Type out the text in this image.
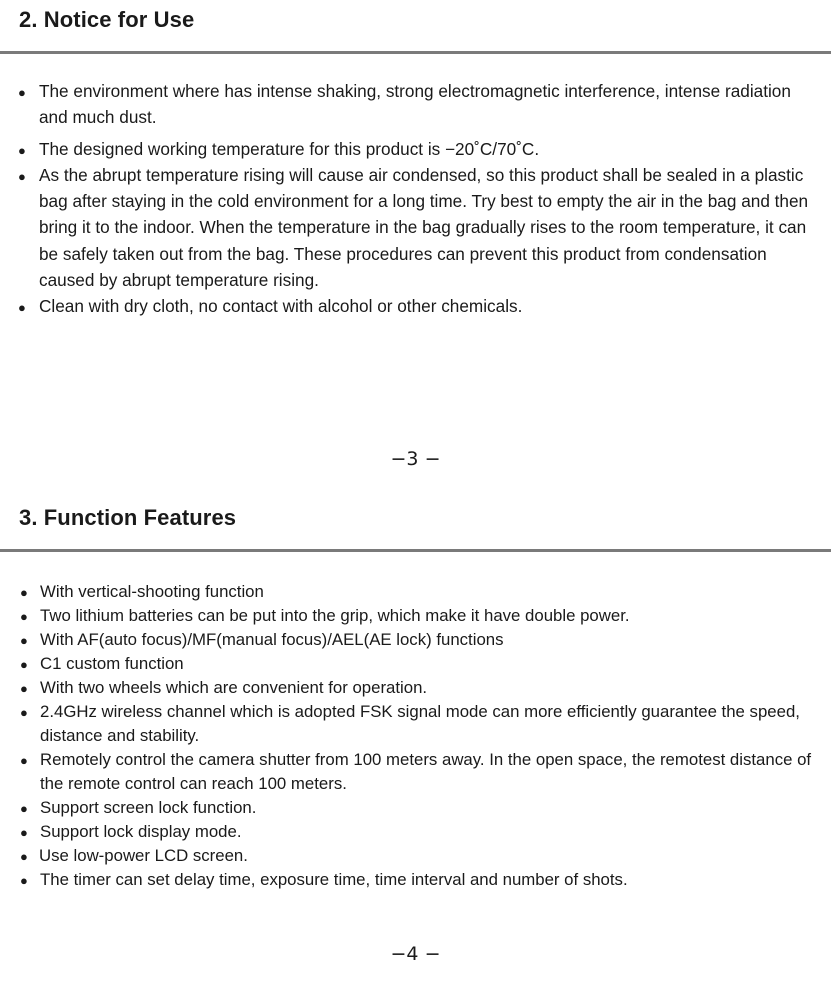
2. Notice for Use
● The environment where has intense shaking, strong electromagnetic interference, intense radiation and much dust.
● The designed working temperature for this product is −20˚C/70˚C.
● As the abrupt temperature rising will cause air condensed, so this product shall be sealed in a plastic bag after staying in the cold environment for a long time. Try best to empty the air in the bag and then bring it to the indoor. When the temperature in the bag gradually rises to the room temperature, it can be safely taken out from the bag. These procedures can prevent this product from condensation caused by abrupt temperature rising.
● Clean with dry cloth, no contact with alcohol or other chemicals.
−3 −
3. Function Features
● With vertical-shooting function
● Two lithium batteries can be put into the grip, which make it have double power.
● With AF(auto focus)/MF(manual focus)/AEL(AE lock) functions
● C1 custom function
● With two wheels which are convenient for operation.
● 2.4GHz wireless channel which is adopted FSK signal mode can more efficiently guarantee the speed, distance and stability.
● Remotely control the camera shutter from 100 meters away. In the open space, the remotest distance of the remote control can reach 100 meters.
● Support screen lock function.
● Support lock display mode.
● Use low-power LCD screen.
● The timer can set delay time, exposure time, time interval and number of shots.
−4 −
